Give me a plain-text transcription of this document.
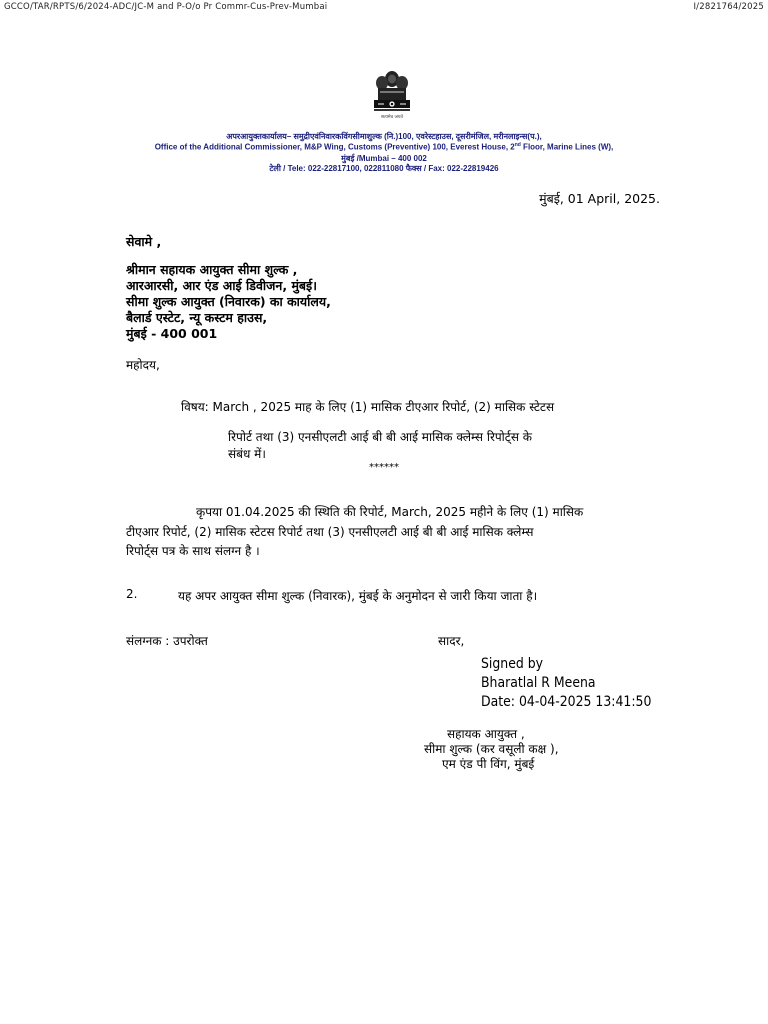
GCCO/TAR/RPTS/6/2024-ADC/JC-M and P-O/o Pr Commr-Cus-Prev-Mumbai	I/2821764/2025
सत्यमेव जयते
अपरआयुक्तकार्यालय– समुद्रीएवंनिवारकविंगसीमाशुल्क (नि.)100, एवरेस्टहाउस, दूसरीमंजिल, मरीनलाइन्स(प.),
Office of the Additional Commissioner, M&P Wing, Customs (Preventive) 100, Everest House, 2nd Floor, Marine Lines (W),
मुंबई /Mumbai – 400 002
टेली / Tele: 022-22817100, 022811080 फैक्स / Fax: 022-22819426
मुंबई, 01 April, 2025.
सेवामे ,
श्रीमान सहायक आयुक्त सीमा शुल्क ,
आरआरसी, आर एंड आई डिवीजन, मुंबई।
सीमा शुल्क आयुक्त (निवारक) का कार्यालय,
बैलार्ड एस्टेट, न्यू कस्टम हाउस,
मुंबई - 400 001
महोदय,
विषय: March , 2025 माह के लिए (1) मासिक टीएआर रिपोर्ट, (2) मासिक स्टेटस
रिपोर्ट तथा (3) एनसीएलटी आई बी बी आई मासिक क्लेम्स रिपोर्ट्स के
संबंध में।
******
कृपया 01.04.2025 की स्थिति की रिपोर्ट, March, 2025 महीने के लिए (1) मासिक
टीएआर रिपोर्ट, (2) मासिक स्टेटस रिपोर्ट तथा (3) एनसीएलटी आई बी बी आई मासिक क्लेम्स
रिपोर्ट्स पत्र के साथ संलग्न है ।
2.	यह अपर आयुक्त सीमा शुल्क (निवारक), मुंबई के अनुमोदन से जारी किया जाता है।
संलग्नक : उपरोक्त	सादर,
Signed by
Bharatlal R Meena
Date: 04-04-2025 13:41:50
सहायक आयुक्त ,
सीमा शुल्क (कर वसूली कक्ष ),
एम एंड पी विंग, मुंबई
